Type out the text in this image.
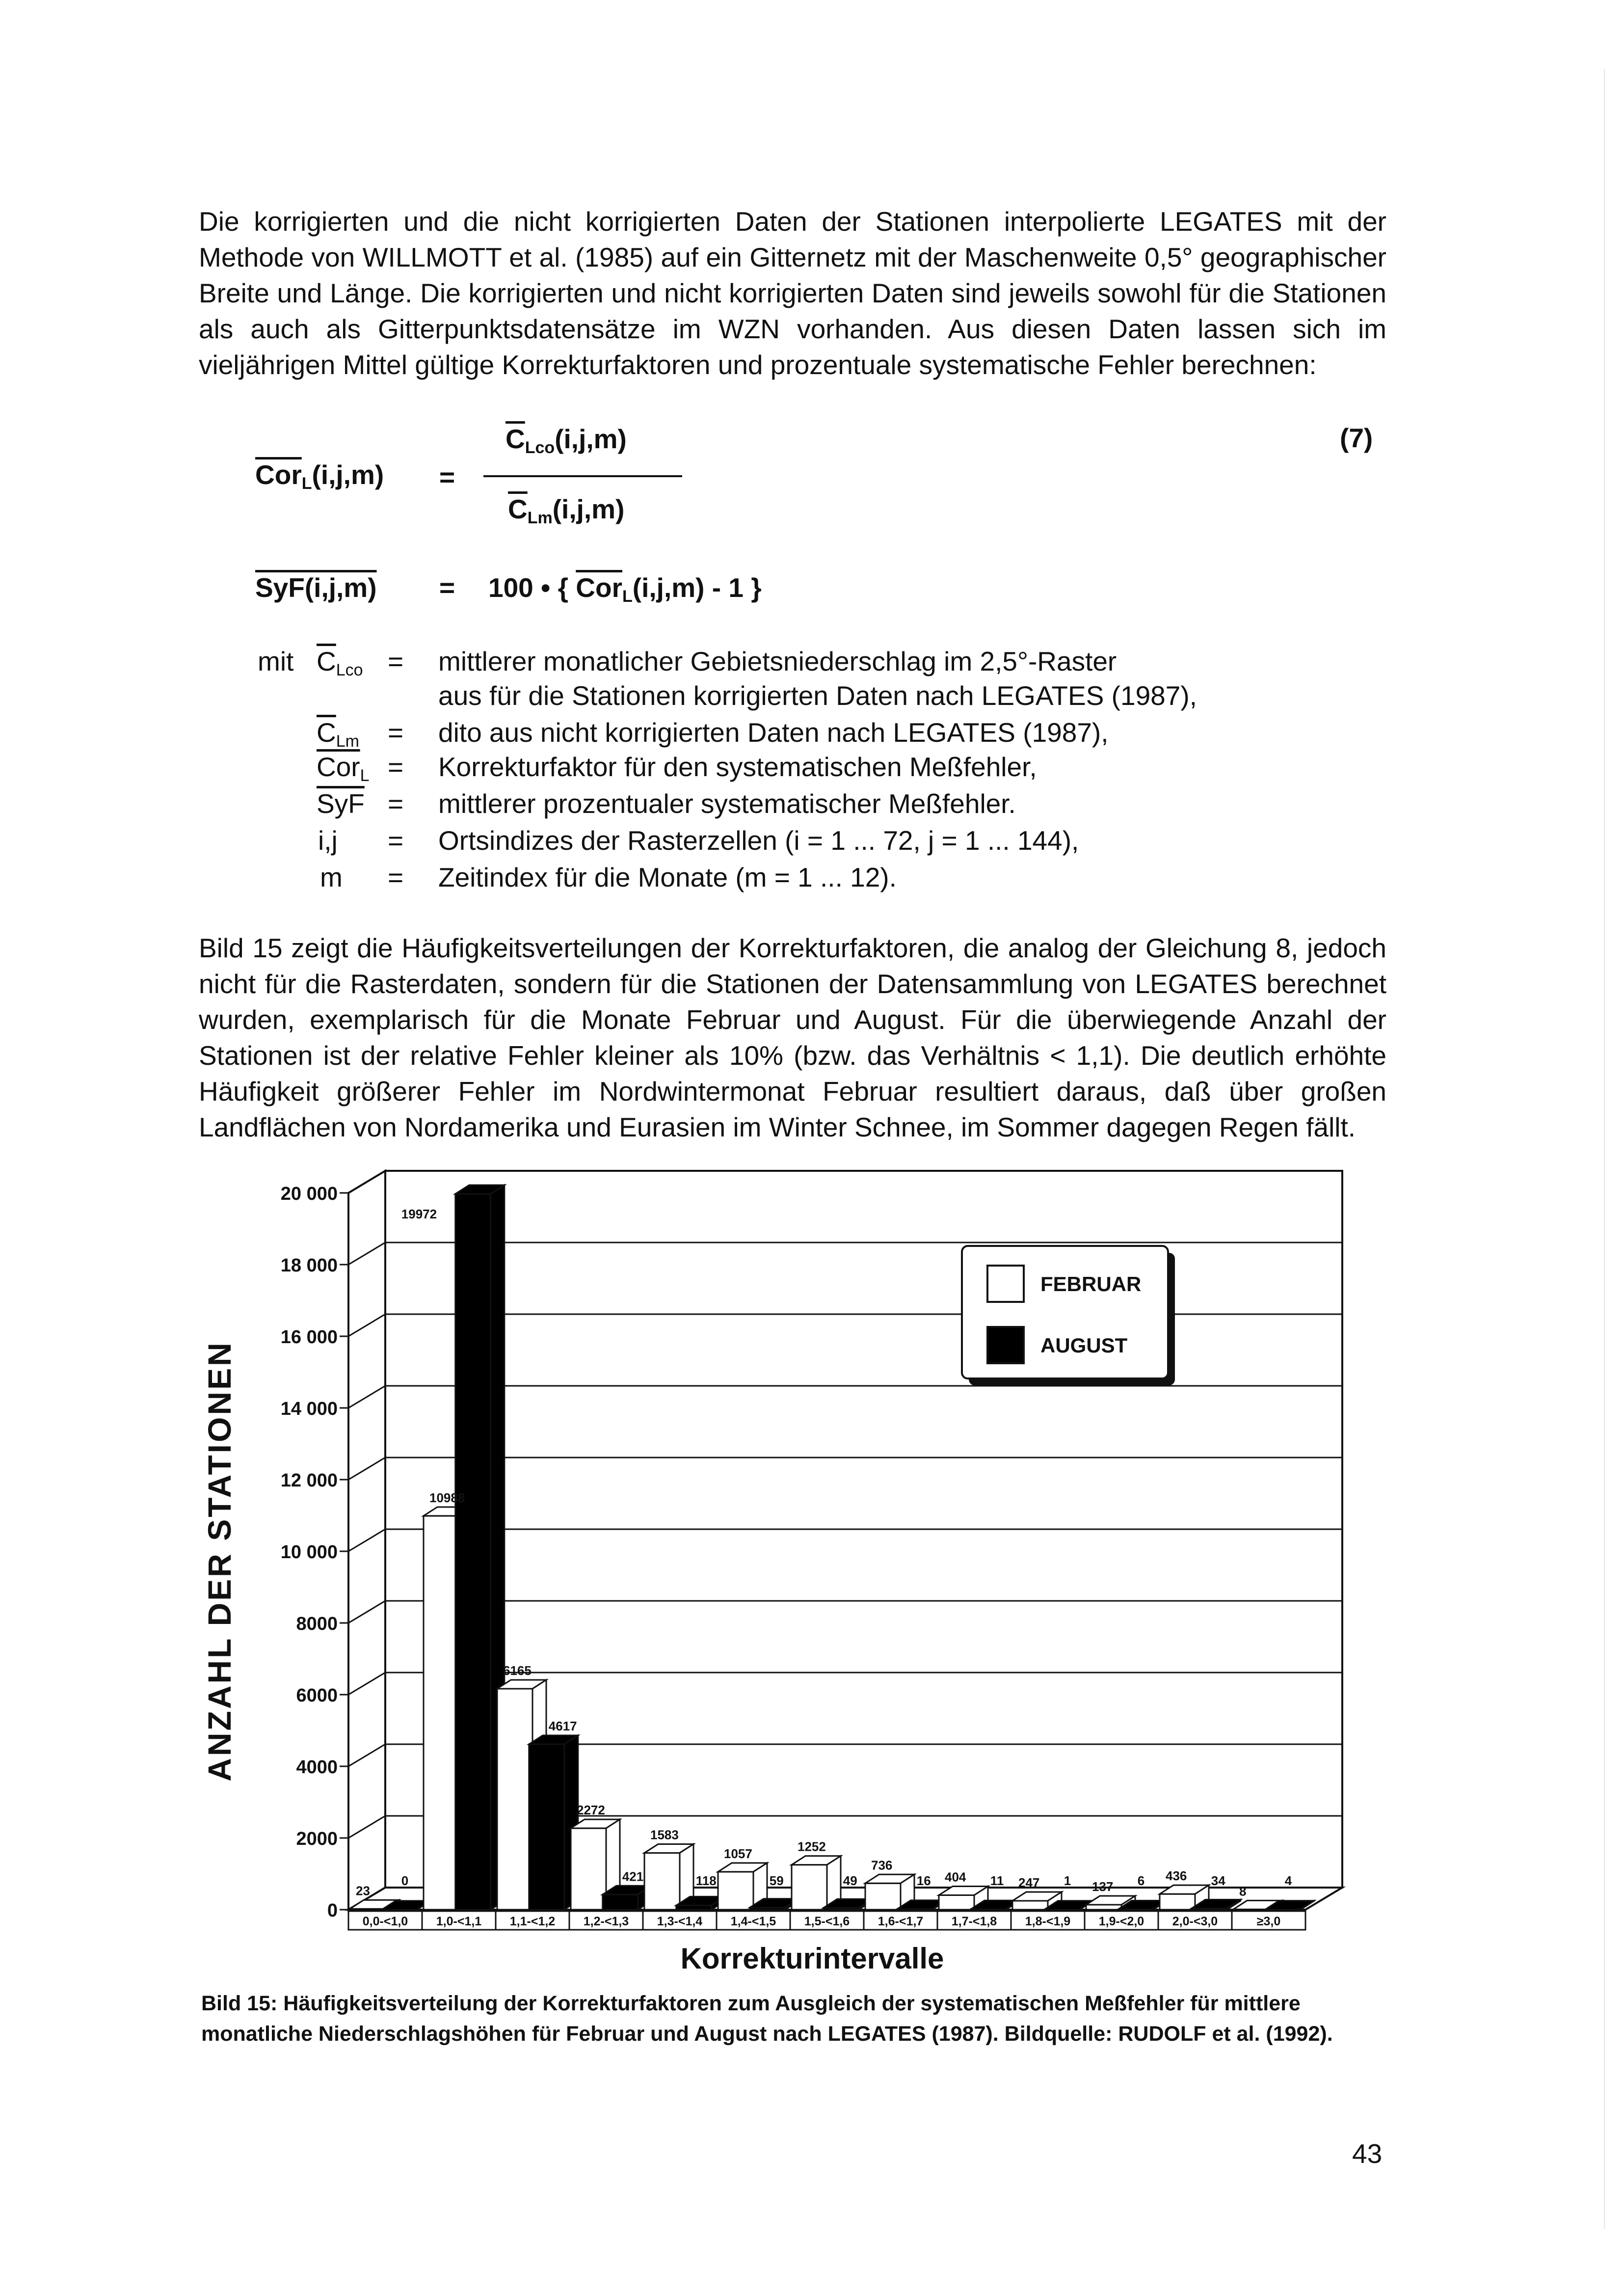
Die korrigierten und die nicht korrigierten Daten der Stationen interpolierte LEGATES mit der Methode von WILLMOTT et al. (1985) auf ein Gitternetz mit der Maschenweite 0,5° geographischer Breite und Länge. Die korrigierten und nicht korrigierten Daten sind jeweils sowohl für die Stationen als auch als Gitterpunktsdatensätze im WZN vorhanden. Aus diesen Daten lassen sich im vieljährigen Mittel gültige Korrekturfaktoren und prozentuale systematische Fehler berechnen:

(7)
$\overline{Cor}_L(i,j,m)$ =
$\overline{C}_{Lco}(i,j,m)$
$\overline{C}_{Lm}(i,j,m)$
SyF(i,j,m) = 100 • { $\overline{Cor}_L(i,j,m) - 1$ }
mit $\overline{C}_{Lco}$ = mittlerer monatlicher Gebietsniederschlag im 2,5°-Raster
aus für die Stationen korrigierten Daten nach LEGATES (1987),
$\overline{C}_{Lm}$ = dito aus nicht korrigierten Daten nach LEGATES (1987),
$\overline{Cor}_L$ = Korrekturfaktor für den systematischen Meßfehler,
$\overline{SyF}$ = mittlerer prozentualer systematischer Meßfehler.
i,j = Ortsindizes der Rasterzellen (i = 1 ... 72, j = 1 ... 144),
m = Zeitindex für die Monate (m = 1 ... 12).

Bild 15 zeigt die Häufigkeitsverteilungen der Korrekturfaktoren, die analog der Gleichung 8, jedoch nicht für die Rasterdaten, sondern für die Stationen der Datensammlung von LEGATES berechnet wurden, exemplarisch für die Monate Februar und August. Für die überwiegende Anzahl der Stationen ist der relative Fehler kleiner als 10% (bzw. das Verhältnis < 1,1). Die deutlich erhöhte Häufigkeit größerer Fehler im Nordwintermonat Februar resultiert daraus, daß über großen Landflächen von Nordamerika und Eurasien im Winter Schnee, im Sommer dagegen Regen fällt.

0
2000
4000
6000
8000
10 000
12 000
14 000
16 000
18 000
20 000
23
0
10988
19972
6165
4617
2272
421
1583
118
1057
59
1252
49
736
16 404 11 247 1 137 6 436 34
8
4
0,0-<1,0 1,0-<1,1 1,1-<1,2 1,2-<1,3 1,3-<1,4 1,4-<1,5 1,5-<1,6 1,6-<1,7 1,7-<1,8 1,8-<1,9 1,9-<2,0 2,0-<3,0	≥3,0
ANZAHL DER STATIONEN
Korrekturintervalle
FEBRUAR
AUGUST

Bild 15: Häufigkeitsverteilung der Korrekturfaktoren zum Ausgleich der systematischen Meßfehler für mittlere monatliche Niederschlagshöhen für Februar und August nach LEGATES (1987). Bildquelle: RUDOLF et al. (1992).

43
